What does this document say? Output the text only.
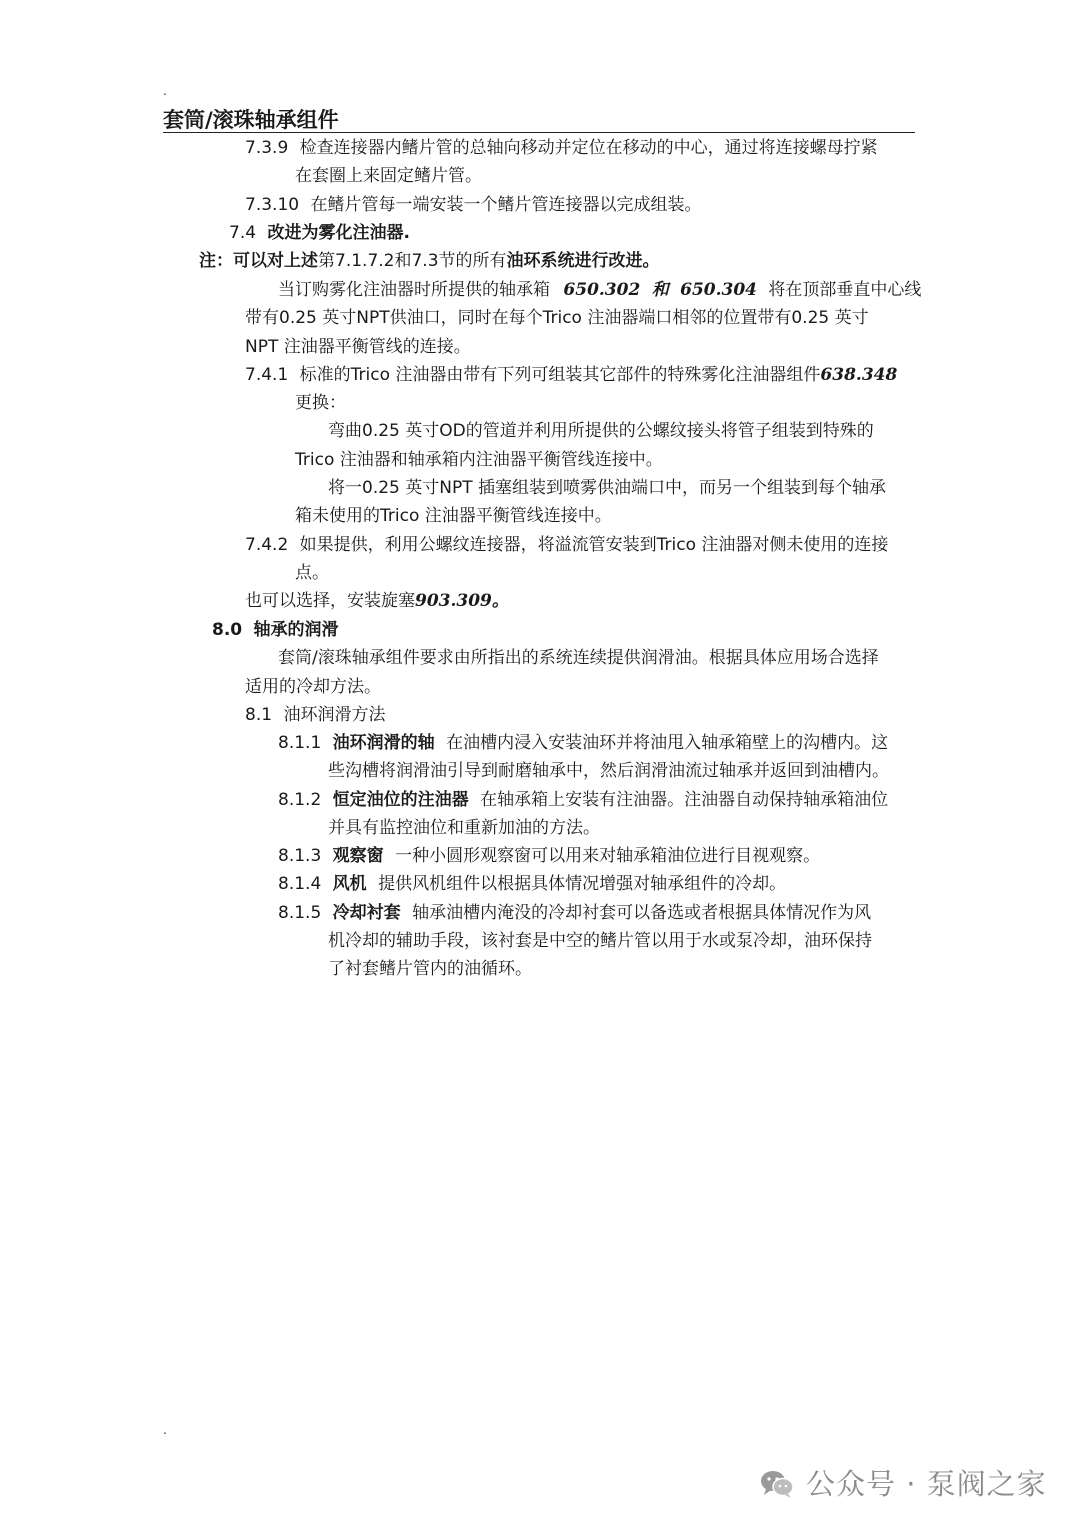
.
.
套筒/滚珠轴承组件
7.3.9 检查连接器内鳍片管的总轴向移动并定位在移动的中心，通过将连接螺母拧紧
在套圈上来固定鳍片管。
7.3.10 在鳍片管每一端安装一个鳍片管连接器以完成组装。
7.4 改进为雾化注油器.
注：可以对上述第7.1.7.2和7.3节的所有油环系统进行改进。
当订购雾化注油器时所提供的轴承箱 650.302 和 650.304 将在顶部垂直中心线
带有0.25 英寸NPT供油口，同时在每个Trico 注油器端口相邻的位置带有0.25 英寸
NPT 注油器平衡管线的连接。
7.4.1 标准的Trico 注油器由带有下列可组装其它部件的特殊雾化注油器组件638.348
更换：
弯曲0.25 英寸OD的管道并利用所提供的公螺纹接头将管子组装到特殊的
Trico 注油器和轴承箱内注油器平衡管线连接中。
将一0.25 英寸NPT 插塞组装到喷雾供油端口中，而另一个组装到每个轴承
箱未使用的Trico 注油器平衡管线连接中。
7.4.2 如果提供，利用公螺纹连接器，将溢流管安装到Trico 注油器对侧未使用的连接
点。
也可以选择，安装旋塞903.309。
8.0 轴承的润滑
套筒/滚珠轴承组件要求由所指出的系统连续提供润滑油。根据具体应用场合选择
适用的冷却方法。
8.1 油环润滑方法
8.1.1 油环润滑的轴 在油槽内浸入安装油环并将油甩入轴承箱壁上的沟槽内。这
些沟槽将润滑油引导到耐磨轴承中，然后润滑油流过轴承并返回到油槽内。
8.1.2 恒定油位的注油器 在轴承箱上安装有注油器。注油器自动保持轴承箱油位
并具有监控油位和重新加油的方法。
8.1.3 观察窗 一种小圆形观察窗可以用来对轴承箱油位进行目视观察。
8.1.4 风机 提供风机组件以根据具体情况增强对轴承组件的冷却。
8.1.5 冷却衬套 轴承油槽内淹没的冷却衬套可以备选或者根据具体情况作为风
机冷却的辅助手段，该衬套是中空的鳍片管以用于水或泵冷却，油环保持
了衬套鳍片管内的油循环。
公众号 · 泵阀之家
